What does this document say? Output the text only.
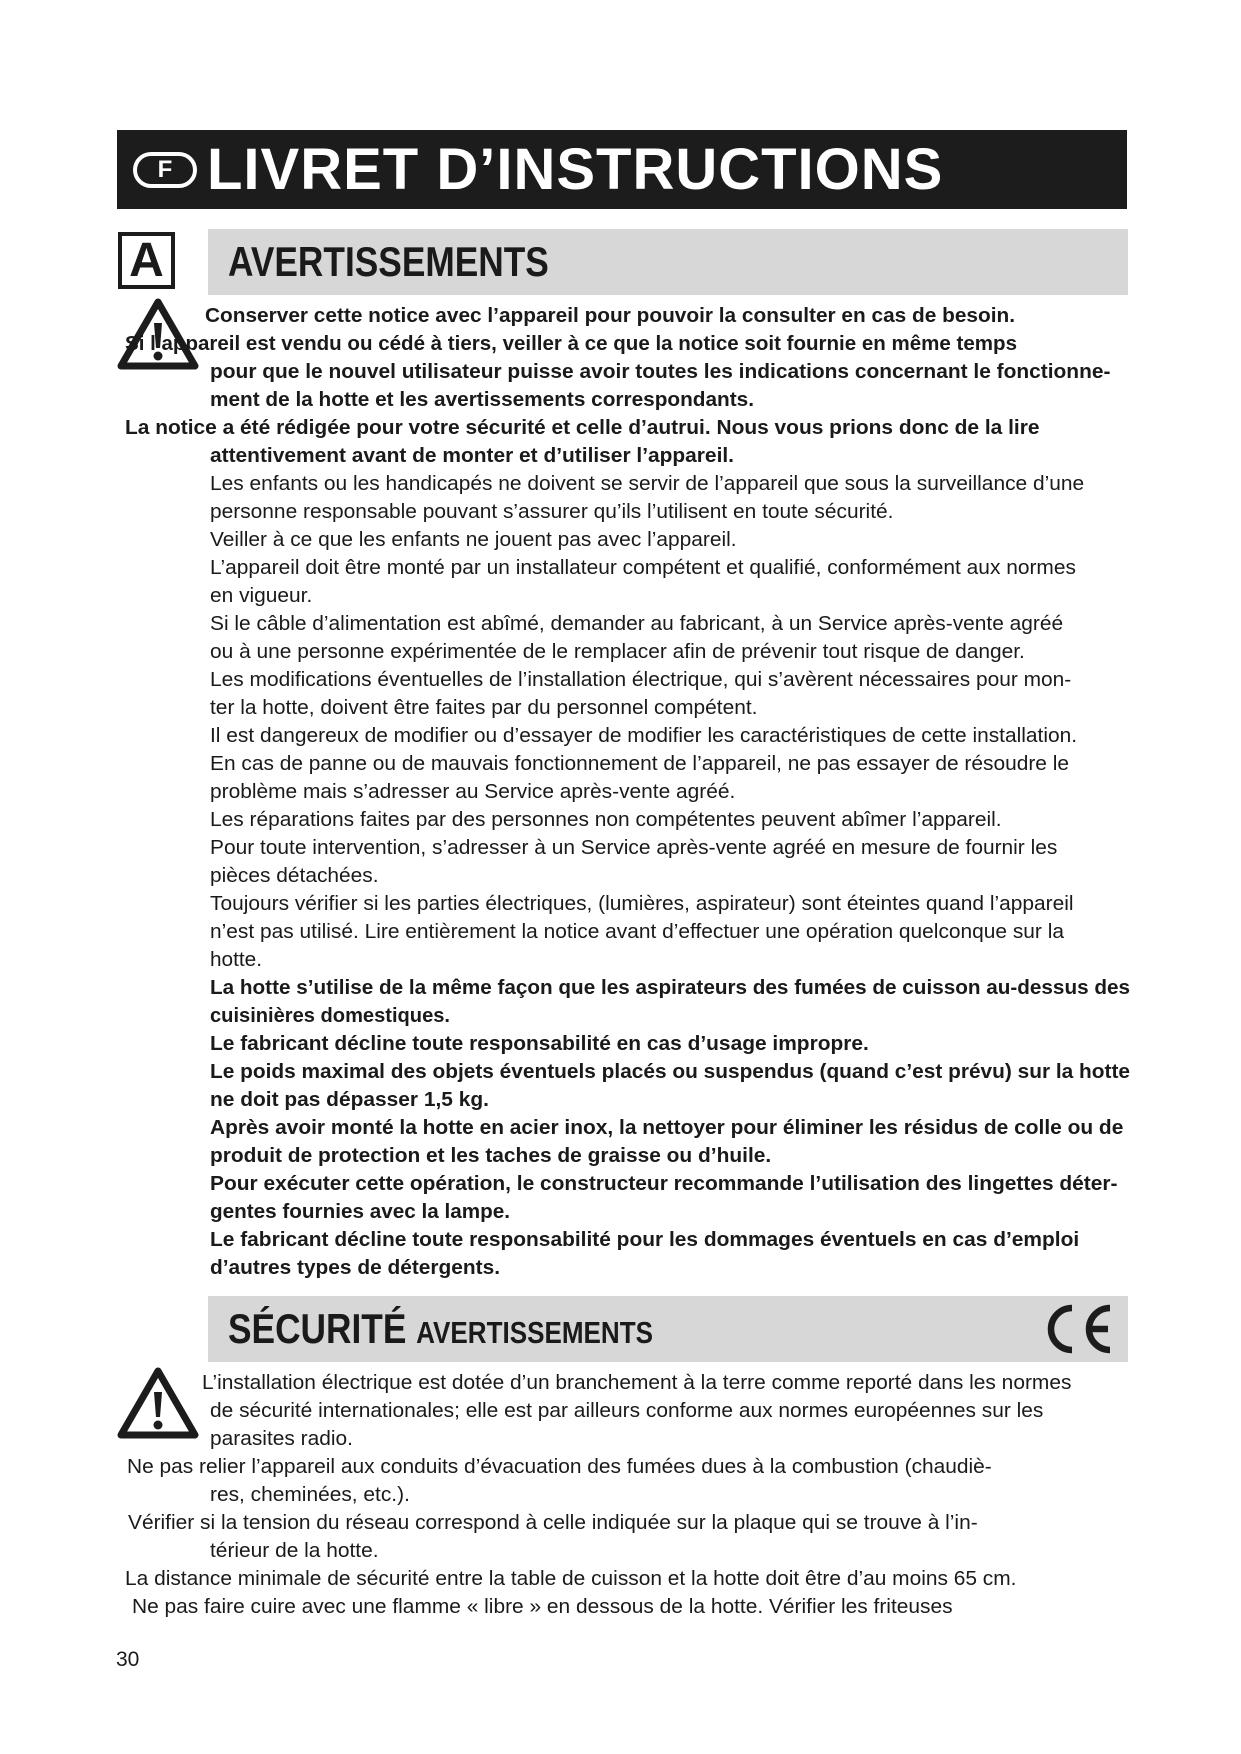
F LIVRET D’INSTRUCTIONS
A AVERTISSEMENTS
Conserver cette notice avec l’appareil pour pouvoir la consulter en cas de besoin.
Si l’appareil est vendu ou cédé à tiers, veiller à ce que la notice soit fournie en même temps
pour que le nouvel utilisateur puisse avoir toutes les indications concernant le fonctionne-
ment de la hotte et les avertissements correspondants.
La notice a été rédigée pour votre sécurité et celle d’autrui. Nous vous prions donc de la lire
attentivement avant de monter et d’utiliser l’appareil.
Les enfants ou les handicapés ne doivent se servir de l’appareil que sous la surveillance d’une
personne responsable pouvant s’assurer qu’ils l’utilisent en toute sécurité.
Veiller à ce que les enfants ne jouent pas avec l’appareil.
L’appareil doit être monté par un installateur compétent et qualifié, conformément aux normes
en vigueur.
Si le câble d’alimentation est abîmé, demander au fabricant, à un Service après-vente agréé
ou à une personne expérimentée de le remplacer afin de prévenir tout risque de danger.
Les modifications éventuelles de l’installation électrique, qui s’avèrent nécessaires pour mon-
ter la hotte, doivent être faites par du personnel compétent.
Il est dangereux de modifier ou d’essayer de modifier les caractéristiques de cette installation.
En cas de panne ou de mauvais fonctionnement de l’appareil, ne pas essayer de résoudre le
problème mais s’adresser au Service après-vente agréé.
Les réparations faites par des personnes non compétentes peuvent abîmer l’appareil.
Pour toute intervention, s’adresser à un Service après-vente agréé en mesure de fournir les
pièces détachées.
Toujours vérifier si les parties électriques, (lumières, aspirateur) sont éteintes quand l’appareil
n’est pas utilisé. Lire entièrement la notice avant d’effectuer une opération quelconque sur la
hotte.
La hotte s’utilise de la même façon que les aspirateurs des fumées de cuisson au-dessus des
cuisinières domestiques.
Le fabricant décline toute responsabilité en cas d’usage impropre.
Le poids maximal des objets éventuels placés ou suspendus (quand c’est prévu) sur la hotte
ne doit pas dépasser 1,5 kg.
Après avoir monté la hotte en acier inox, la nettoyer pour éliminer les résidus de colle ou de
produit de protection et les taches de graisse ou d’huile.
Pour exécuter cette opération, le constructeur recommande l’utilisation des lingettes déter-
gentes fournies avec la lampe.
Le fabricant décline toute responsabilité pour les dommages éventuels en cas d’emploi
d’autres types de détergents.
SÉCURITÉ AVERTISSEMENTS
L’installation électrique est dotée d’un branchement à la terre comme reporté dans les normes
de sécurité internationales; elle est par ailleurs conforme aux normes européennes sur les
parasites radio.
Ne pas relier l’appareil aux conduits d’évacuation des fumées dues à la combustion (chaudiè-
res, cheminées, etc.).
Vérifier si la tension du réseau correspond à celle indiquée sur la plaque qui se trouve à l’in-
térieur de la hotte.
La distance minimale de sécurité entre la table de cuisson et la hotte doit être d’au moins 65 cm.
Ne pas faire cuire avec une flamme « libre » en dessous de la hotte. Vérifier les friteuses
30
